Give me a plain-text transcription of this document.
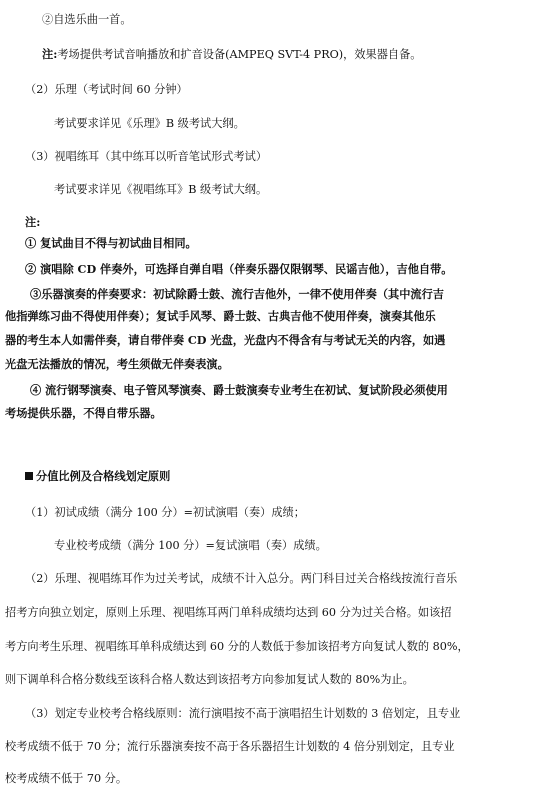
②自选乐曲一首。
注:考场提供考试音响播放和扩音设备(AMPEQ SVT-4 PRO)，效果器自备。
（2）乐理（考试时间 60 分钟）
考试要求详见《乐理》B 级考试大纲。
（3）视唱练耳（其中练耳以听音笔试形式考试）
考试要求详见《视唱练耳》B 级考试大纲。
注:
① 复试曲目不得与初试曲目相同。
② 演唱除 CD 伴奏外，可选择自弹自唱（伴奏乐器仅限钢琴、民谣吉他），吉他自带。
③乐器演奏的伴奏要求：初试除爵士鼓、流行吉他外，一律不使用伴奏（其中流行吉
他指弹练习曲不得使用伴奏）；复试手风琴、爵士鼓、古典吉他不使用伴奏，演奏其他乐
器的考生本人如需伴奏，请自带伴奏 CD 光盘，光盘内不得含有与考试无关的内容，如遇
光盘无法播放的情况，考生须做无伴奏表演。
④ 流行钢琴演奏、电子管风琴演奏、爵士鼓演奏专业考生在初试、复试阶段必须使用
考场提供乐器，不得自带乐器。
分值比例及合格线划定原则
（1）初试成绩（满分 100 分）=初试演唱（奏）成绩；
专业校考成绩（满分 100 分）=复试演唱（奏）成绩。
（2）乐理、视唱练耳作为过关考试，成绩不计入总分。两门科目过关合格线按流行音乐
招考方向独立划定，原则上乐理、视唱练耳两门单科成绩均达到 60 分为过关合格。如该招
考方向考生乐理、视唱练耳单科成绩达到 60 分的人数低于参加该招考方向复试人数的 80%，
则下调单科合格分数线至该科合格人数达到该招考方向参加复试人数的 80%为止。
（3）划定专业校考合格线原则：流行演唱按不高于演唱招生计划数的 3 倍划定，且专业
校考成绩不低于 70 分；流行乐器演奏按不高于各乐器招生计划数的 4 倍分别划定，且专业
校考成绩不低于 70 分。
